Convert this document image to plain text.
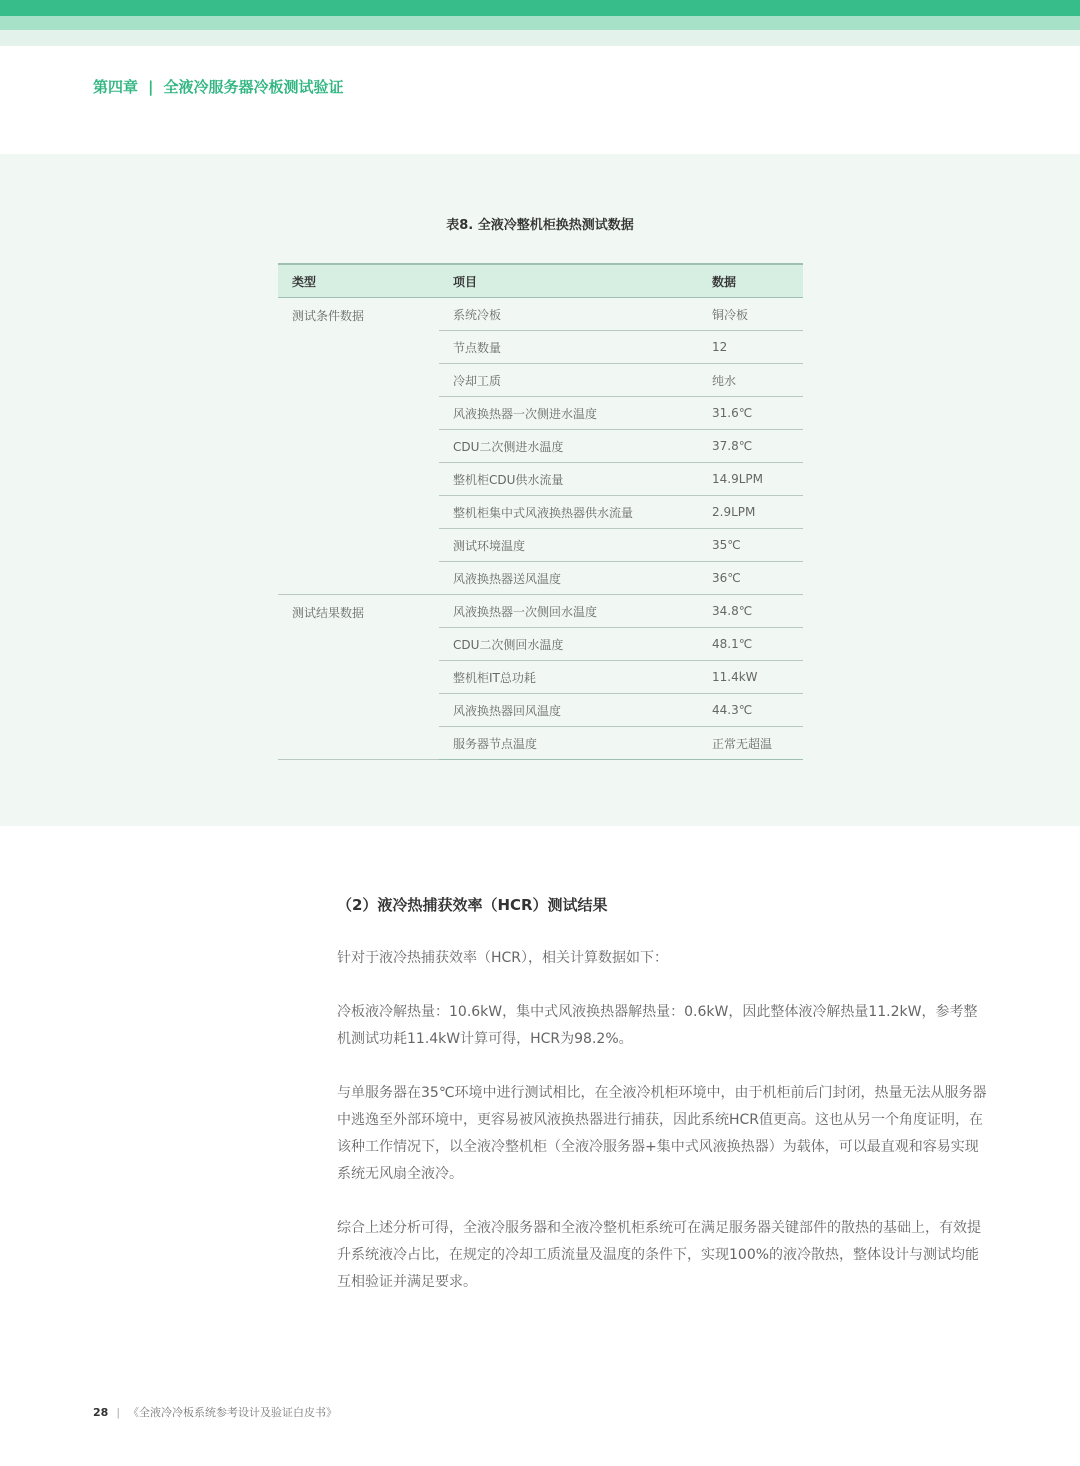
第四章 | 全液冷服务器冷板测试验证
表8. 全液冷整机柜换热测试数据
类型	项目	数据
测试条件数据	系统冷板	铜冷板
	节点数量	12
	冷却工质	纯水
	风液换热器一次侧进水温度	31.6℃
	CDU二次侧进水温度	37.8℃
	整机柜CDU供水流量	14.9LPM
	整机柜集中式风液换热器供水流量	2.9LPM
	测试环境温度	35℃
	风液换热器送风温度	36℃
测试结果数据	风液换热器一次侧回水温度	34.8℃
	CDU二次侧回水温度	48.1℃
	整机柜IT总功耗	11.4kW
	风液换热器回风温度	44.3℃
	服务器节点温度	正常无超温
（2）液冷热捕获效率（HCR）测试结果

针对于液冷热捕获效率（HCR），相关计算数据如下：

冷板液冷解热量：10.6kW，集中式风液换热器解热量：0.6kW，因此整体液冷解热量11.2kW，参考整机测试功耗11.4kW计算可得，HCR为98.2%。

与单服务器在35℃环境中进行测试相比，在全液冷机柜环境中，由于机柜前后门封闭，热量无法从服务器中逃逸至外部环境中，更容易被风液换热器进行捕获，因此系统HCR值更高。这也从另一个角度证明，在该种工作情况下，以全液冷整机柜（全液冷服务器+集中式风液换热器）为载体，可以最直观和容易实现系统无风扇全液冷。

综合上述分析可得，全液冷服务器和全液冷整机柜系统可在满足服务器关键部件的散热的基础上，有效提升系统液冷占比，在规定的冷却工质流量及温度的条件下，实现100%的液冷散热，整体设计与测试均能互相验证并满足要求。

28 | 《全液冷冷板系统参考设计及验证白皮书》
